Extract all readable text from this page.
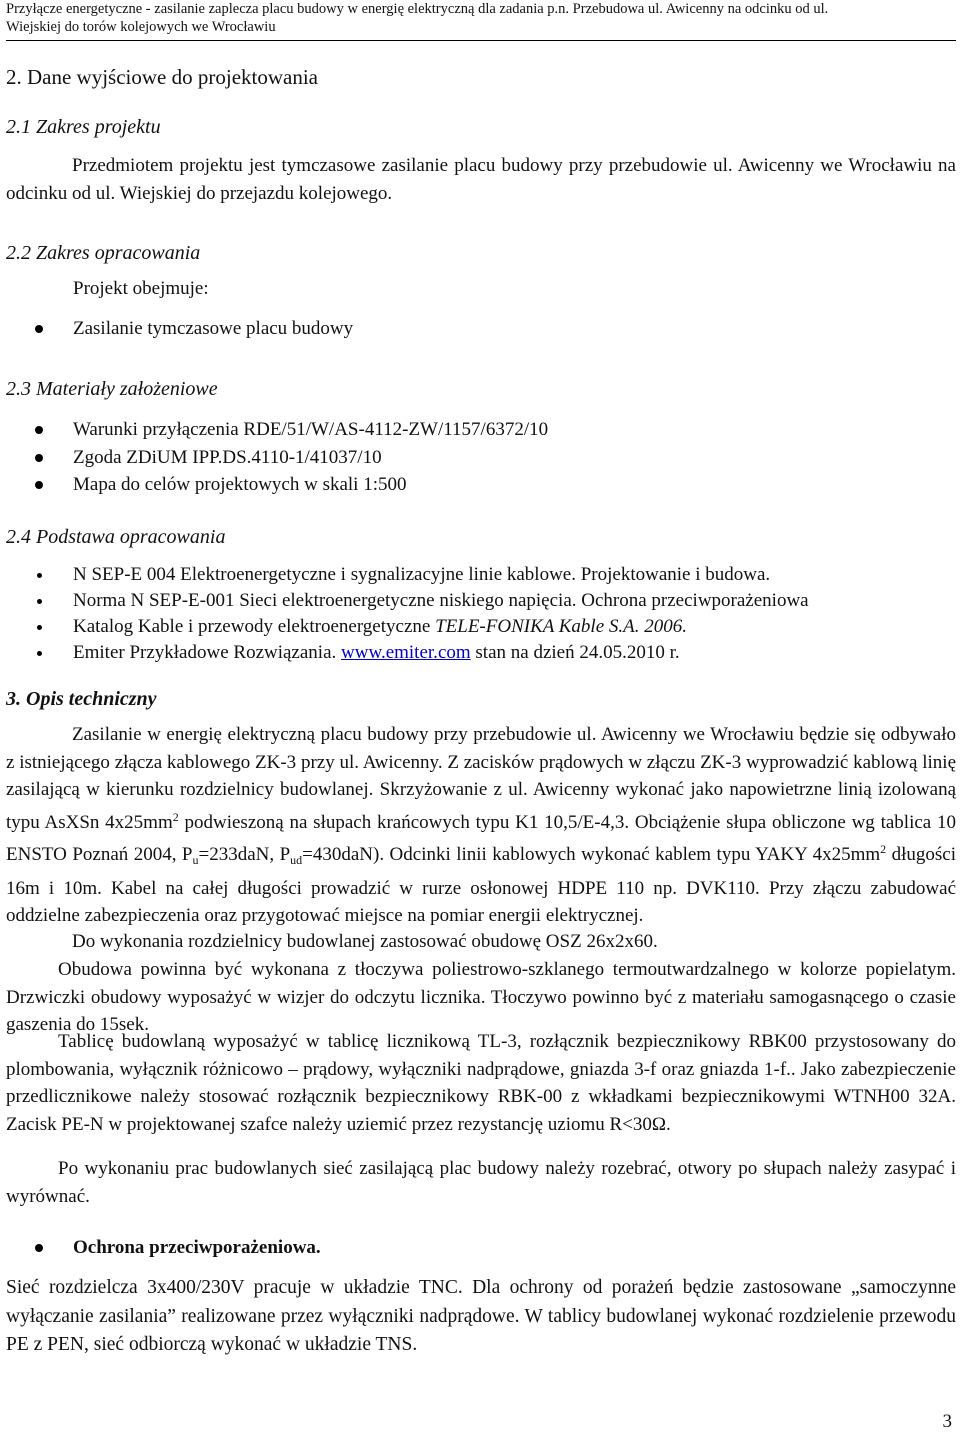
Przyłącze energetyczne - zasilanie zaplecza placu budowy w energię elektryczną dla zadania p.n. Przebudowa ul. Awicenny na odcinku od ul.
Wiejskiej do torów kolejowych we Wrocławiu
2. Dane wyjściowe do projektowania
2.1 Zakres projektu
Przedmiotem projektu jest tymczasowe zasilanie placu budowy przy przebudowie ul. Awicenny we Wrocławiu na odcinku od ul. Wiejskiej do przejazdu kolejowego.
2.2 Zakres opracowania
Projekt obejmuje:
Zasilanie tymczasowe placu budowy
2.3 Materiały założeniowe
Warunki przyłączenia RDE/51/W/AS-4112-ZW/1157/6372/10
Zgoda ZDiUM IPP.DS.4110-1/41037/10
Mapa do celów projektowych w skali 1:500
2.4 Podstawa opracowania
N SEP-E 004 Elektroenergetyczne i sygnalizacyjne linie kablowe. Projektowanie i budowa.
Norma N SEP-E-001 Sieci elektroenergetyczne niskiego napięcia. Ochrona przeciwporażeniowa
Katalog Kable i przewody elektroenergetyczne TELE-FONIKA Kable S.A. 2006.
Emiter Przykładowe Rozwiązania. www.emiter.com stan na dzień 24.05.2010 r.
3. Opis techniczny
Zasilanie w energię elektryczną placu budowy przy przebudowie ul. Awicenny we Wrocławiu będzie się odbywało z istniejącego złącza kablowego ZK-3 przy ul. Awicenny. Z zacisków prądowych w złączu ZK-3 wyprowadzić kablową linię zasilającą w kierunku rozdzielnicy budowlanej. Skrzyżowanie z ul. Awicenny wykonać jako napowietrzne linią izolowaną typu AsXSn $4x25mm^2$ podwieszoną na słupach krańcowych typu K1 10,5/E-4,3. Obciążenie słupa obliczone wg tablica 10 ENSTO Poznań 2004, $P_u=233daN$, $P_{ud}=430daN$). Odcinki linii kablowych wykonać kablem typu YAKY $4x25mm^2$ długości 16m i 10m. Kabel na całej długości prowadzić w rurze osłonowej HDPE 110 np. DVK110. Przy złączu zabudować oddzielne zabezpieczenia oraz przygotować miejsce na pomiar energii elektrycznej.
Do wykonania rozdzielnicy budowlanej zastosować obudowę OSZ 26x2x60.
Obudowa powinna być wykonana z tłoczywa poliestrowo-szklanego termoutwardzalnego w kolorze popielatym. Drzwiczki obudowy wyposażyć w wizjer do odczytu licznika. Tłoczywo powinno być z materiału samogasnącego o czasie gaszenia do 15sek.
Tablicę budowlaną wyposażyć w tablicę licznikową TL-3, rozłącznik bezpiecznikowy RBK00 przystosowany do plombowania, wyłącznik różnicowo – prądowy, wyłączniki nadprądowe, gniazda 3-f oraz gniazda 1-f.. Jako zabezpieczenie przedlicznikowe należy stosować rozłącznik bezpiecznikowy RBK-00 z wkładkami bezpiecznikowymi WTNH00 32A. Zacisk PE-N w projektowanej szafce należy uziemić przez rezystancję uziomu R<30Ω.
Po wykonaniu prac budowlanych sieć zasilającą plac budowy należy rozebrać, otwory po słupach należy zasypać i wyrównać.
Ochrona przeciwporażeniowa.
Sieć rozdzielcza 3x400/230V pracuje w układzie TNC. Dla ochrony od porażeń będzie zastosowane „samoczynne wyłączanie zasilania” realizowane przez wyłączniki nadprądowe. W tablicy budowlanej wykonać rozdzielenie przewodu PE z PEN, sieć odbiorczą wykonać w układzie TNS.
3
